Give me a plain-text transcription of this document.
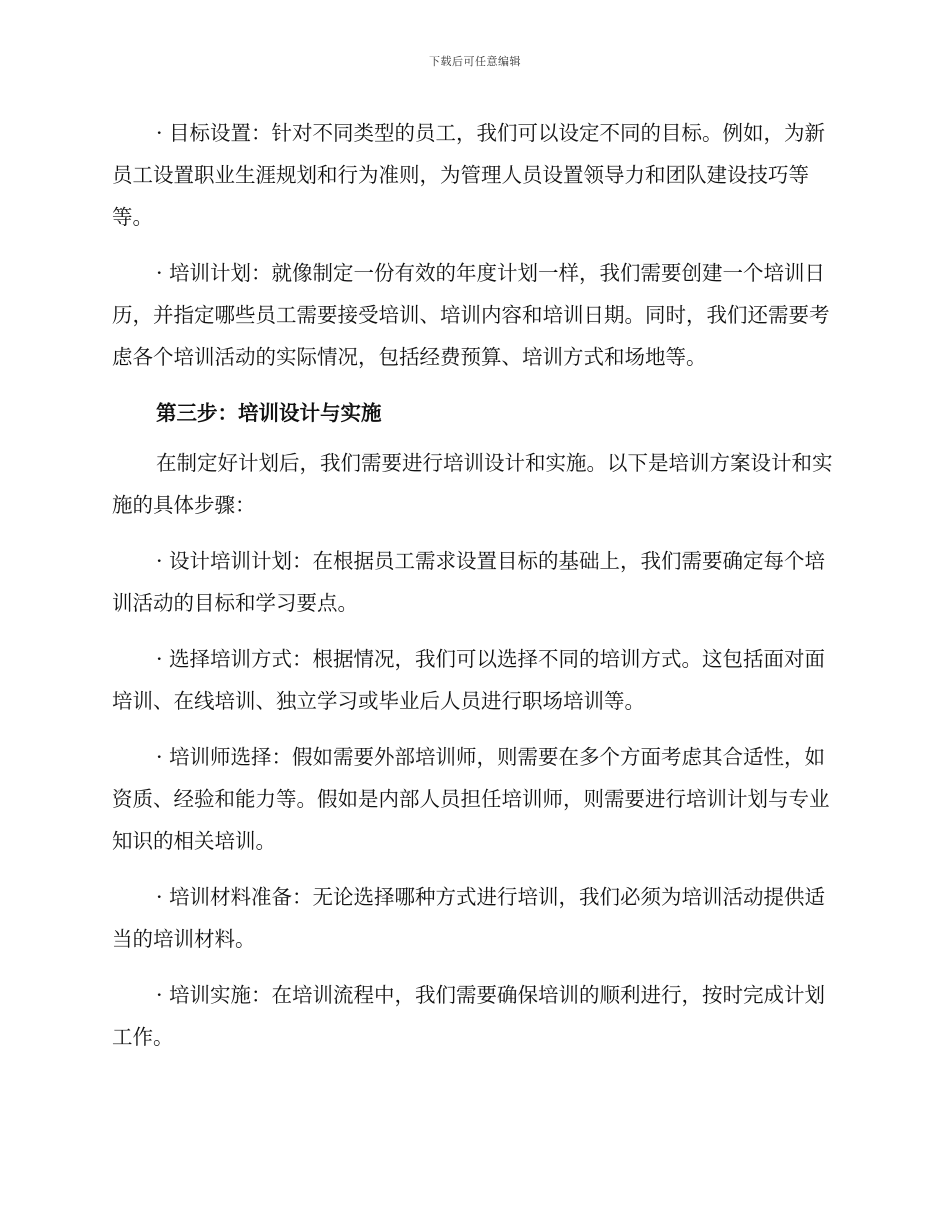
下载后可任意编辑

· 目标设置：针对不同类型的员工，我们可以设定不同的目标。例如，为新员工设置职业生涯规划和行为准则，为管理人员设置领导力和团队建设技巧等等。

· 培训计划：就像制定一份有效的年度计划一样，我们需要创建一个培训日历，并指定哪些员工需要接受培训、培训内容和培训日期。同时，我们还需要考虑各个培训活动的实际情况，包括经费预算、培训方式和场地等。

第三步：培训设计与实施

在制定好计划后，我们需要进行培训设计和实施。以下是培训方案设计和实施的具体步骤：

· 设计培训计划：在根据员工需求设置目标的基础上，我们需要确定每个培训活动的目标和学习要点。

· 选择培训方式：根据情况，我们可以选择不同的培训方式。这包括面对面培训、在线培训、独立学习或毕业后人员进行职场培训等。

· 培训师选择：假如需要外部培训师，则需要在多个方面考虑其合适性，如资质、经验和能力等。假如是内部人员担任培训师，则需要进行培训计划与专业知识的相关培训。

· 培训材料准备：无论选择哪种方式进行培训，我们必须为培训活动提供适当的培训材料。

· 培训实施：在培训流程中，我们需要确保培训的顺利进行，按时完成计划工作。
